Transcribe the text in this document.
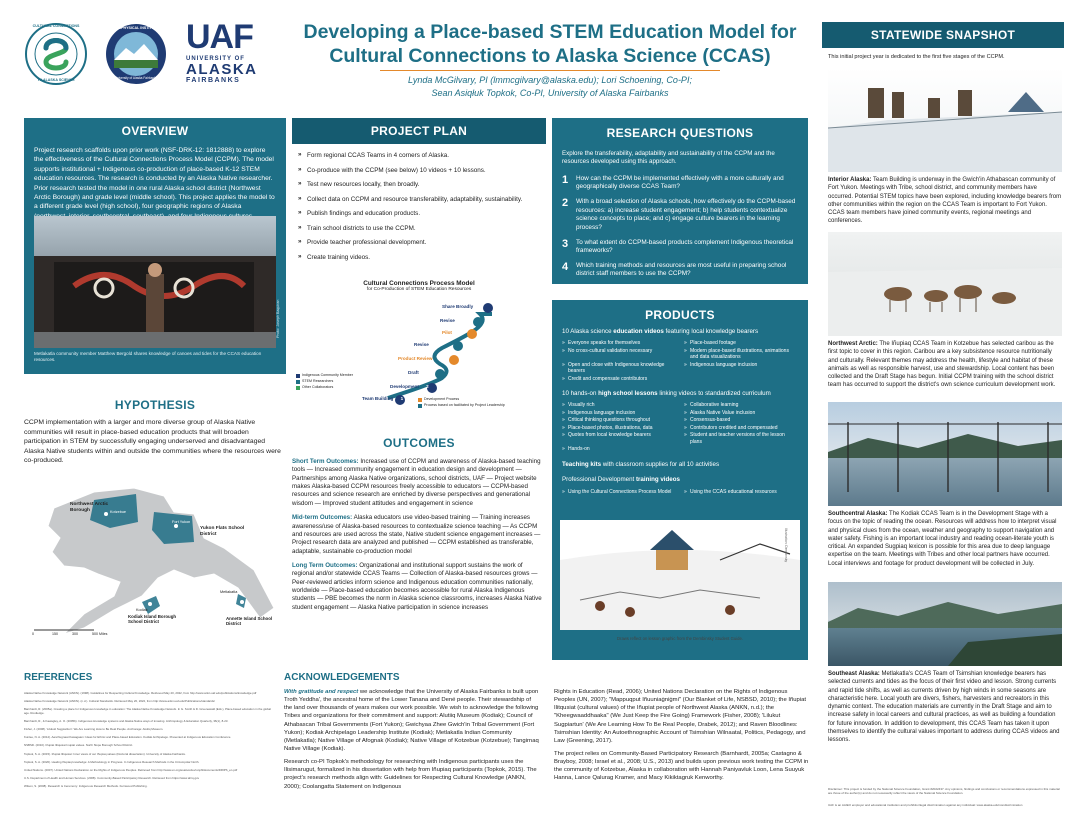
CULTURAL CONNECTIONS
TO ALASKA SCIENCE
GEOPHYSICAL INSTITUTE
University of Alaska Fairbanks
UAF
UNIVERSITY OF
ALASKA
FAIRBANKS
Developing a Place-based STEM Education Model for
Cultural Connections to Alaska Science (CCAS)
Lynda McGilvary, PI (lmmcgilvary@alaska.edu); Lori Schoening, Co-PI;
Sean Asiqłuk Topkok, Co-PI, University of Alaska Fairbanks
OVERVIEW
Project research scaffolds upon prior work (NSF-DRK-12: 1812888) to explore the effectiveness of the Cultural Connections Process Model (CCPM). The model supports institutional + Indigenous co-production of place-based K-12 STEM education resources. The research is conducted by an Alaska Native researcher. Prior research tested the model in one rural Alaska school district (Northwest Arctic Borough) and grade level (middle school). This project applies the model to a different grade level (high school), four geographic regions of Alaska
Photo: Joseph Baquiran
Metlakatla community member Matthew Bergold shares knowledge of canoes and tides for the CCAS education resources.
HYPOTHESIS
CCPM implementation with a larger and more diverse group of Alaska Native communities will result in place-based education products that will broaden participation in STEM by successfully engaging underserved and disadvantaged Alaska Native students within and outside the communities where the resources were co-produced.
Northwest Arctic Borough	Kotzebue
Fort Yukon
Yukon Flats School District
Kodiak
Kodiak Island Borough School District
Metlakatla
Annette Island School District
0	150	300	500 Miles
PROJECT PLAN
» Form regional CCAS Teams in 4 corners of Alaska.
» Co-produce with the CCPM (see below) 10 videos + 10 lessons.
» Test new resources locally, then broadly.
» Collect data on CCPM and resource transferability, adaptability, sustainability.
» Publish findings and education products.
» Train school districts to use the CCPM.
» Provide teacher professional development.
» Create training videos.
Cultural Connections Process Model
for Co-Production of STEM Education Resources
Team Building 1
Development 2
Draft 3
Product Review 4
Revise 5
Pilot 6
Revise 7
Share Broadly 8
Indigenous Community Member
STEM Researchers
Other Collaborators
Development Process
Process based on facilitated by Project Leadership
OUTCOMES
Short Term Outcomes: Increased use of CCPM and awareness of Alaska-based teaching tools — Increased community engagement in education design and development — Partnerships among Alaska Native organizations, school districts, UAF — Project website makes Alaska-based CCPM resources freely accessible to educators — CCPM-based resources and science research are enriched by diverse perspectives and generational wisdom — Improved student attitudes and engagement in science
Mid-term Outcomes: Alaska educators use video-based training — Training increases awareness/use of Alaska-based resources to contextualize science teaching — As CCPM and resources are used across the state, Native student science engagement increases — Project research data are analyzed and published — CCPM established as transferable, adaptable, sustainable co-production model
Long Term Outcomes: Organizational and institutional support sustains the work of regional and/or statewide CCAS Teams — Collection of Alaska-based resources grows — Peer-reviewed articles inform science and Indigenous education communities nationally, worldwide — Place-based education becomes accessible for rural Alaska Indigenous students — PBE becomes the norm in Alaska science classrooms, increases Alaska Native student engagement — Alaska Native participation in science increases
RESEARCH QUESTIONS
Explore the transferability, adaptability and sustainability of the CCPM and the resources developed using this approach.
1 How can the CCPM be implemented effectively with a more culturally and geographically diverse CCAS Team?
2 With a broad selection of Alaska schools, how effectively do the CCPM-based resources: a) increase student engagement; b) help students contextualize science concepts to place; and c) engage culture bearers in the learning process?
3 To what extent do CCPM-based products complement Indigenous theoretical frameworks?
4 Which training methods and resources are most useful in preparing school district staff members to use the CCPM?
PRODUCTS
10 Alaska science education videos featuring local knowledge bearers
» Everyone speaks for themselves	» Place-based footage
» No cross-cultural validation necessary	» Modern place-based illustrations, animations and data visualizations
» Open and close with Indigenous knowledge bearers
» Indigenous language inclusion
» Credit and compensate contributors
10 hands-on high school lessons linking videos to standardized curriculum
» Visually rich	» Collaborative learning
» Indigenous language inclusion	» Alaska Native Value inclusion
» Critical thinking questions throughout	» Consensus-based
» Place-based photos, illustrations, data	» Contributors credited and compensated
» Quotes from local knowledge bearers	» Student and teacher versions of the lesson plans
» Hands-on
Teaching kits with classroom supplies for all 10 activities
Professional Development training videos
» Using the Cultural Connections Process Model	» Using the CCAS educational resources
Illustration: Dembinsky
Draws reflect on lesson graphic from the Dembinsky Student Guide.
STATEWIDE SNAPSHOT
This initial project year is dedicated to the first five stages of the CCPM.
Interior Alaska: Team Building is underway in the Gwich'in Athabascan community of Fort Yukon. Meetings with Tribe, school district, and community members have occurred. Potential STEM topics have been explored, including knowledge bearers from other communities within the region on the CCAS Team is important to Fort Yukon. CCAS team members have joined community events, regional meetings and conferences.
Northwest Arctic: The Iñupiaq CCAS Team in Kotzebue has selected caribou as the first topic to cover in this region. Caribou are a key subsistence resource nutritionally and culturally. Relevant themes may address the health, lifestyle and habitat of these animals as well as responsible harvest, use and stewardship. Local content has been collected and the Draft Stage has begun. Initial CCPM training with the school district team has occurred to support the district's own science curriculum development work.
Southcentral Alaska: The Kodiak CCAS Team is in the Development Stage with a focus on the topic of reading the ocean. Resources will address how to interpret visual and physical clues from the ocean, weather and geography to support navigation and water safety. Fishing is an important local industry and reading ocean-literate youth is critical. An expanded Sugpiaq lexicon is possible for this area due to deep language expertise on the team. Meetings with Tribes and other local partners have occurred. Local interviews and footage for product development will be collected in July.
Southeast Alaska: Metlakatla's CCAS Team of Tsimshian knowledge bearers has selected currents and tides as the focus of their first video and lesson. Strong currents and rapid tide shifts, as well as currents driven by high winds in some seasons are characteristic here. Local youth are divers, fishers, harvesters and recreators in this dynamic context. The education materials are currently in the Draft Stage and aim to increase safety in local careers and cultural practices, as well as building a foundation for future innovation. In addition to development, this CCAS Team has taken it upon themselves to identify the cultural values important to address during CCAS videos and lessons.
Disclaimer: This project is funded by the National Science Foundation, Grant #2022437. Any opinions, findings and conclusions or recommendations expressed in this material are those of the author(s) and do not necessarily reflect the views of the National Science Foundation.
UAF is an AA/EO employer and educational institution and prohibits illegal discrimination against any individual: www.alaska.edu/nondiscrimination
REFERENCES
Alaska Native Knowledge Network (ANKN). (1998). Guidelines for Respecting Cultural Knowledge. Retrieved May 20, 2022, from http://www.ankn.uaf.edu/publications/knowledge.pdf
Alaska Native Knowledge Network (ANKN). (n.d.). Cultural Standards. Retrieved May 20, 2022, from http://www.ankn.uaf.edu/Publications/standards/
Barnhardt, R. (2005a). Creating a place for Indigenous knowledge in education: The Alaska Native Knowledge Network. In G. Smith & D. Gruenewald (Eds.), Place-based education in the global age. Routledge.
Barnhardt, R., & Kawagley, A. O. (2005b). Indigenous knowledge systems and Alaska Native ways of knowing. Anthropology & Education Quarterly, 36(1), 8-23.
Fisher, J. (2008). 'Lilukuit Sugpiaritun': We Are Learning How to Be Real People. Anchorage: Alutiiq Museum.
Kunlee, N. A. (2012). Aanchugnaat Kawagaam: Ideas for Ethnic and Place-based Education. Kodiak Archipelago. Presented at Indigenous Education Conference.
NSBSD. (2010). Iñupiat Ilitqusiat Inupiat values. North Slope Borough School District.
Topkok, S. A. (2015). Iñupiat Ilitqusiat: Inner views of our Iñupiaq values (Doctoral dissertation). University of Alaska Fairbanks.
Topkok, S. A. (2020). Healing Iñupiaq knowledge: A Methodology in Progress. In Indigenous Research Methods in the Circumpolar North.
United Nations. (2007). United Nations Declaration on the Rights of Indigenous Peoples. Retrieved from http://www.un.org/esa/socdev/unpfii/documents/DRIPS_en.pdf
U.S. Department of Health and Human Services. (2008). Community-Based Participatory Research. Retrieved from https://www.ahrq.gov
Wilson, S. (2008). Research is Ceremony: Indigenous Research Methods. Fernwood Publishing.
ACKNOWLEDGEMENTS

With gratitude and respect we acknowledge that the University of Alaska Fairbanks is built upon Troth Yeddha', the ancestral home of the Lower Tanana and Dené people. Their stewardship of the land over thousands of years makes our work possible. We wish to acknowledge the following Tribes and organizations for their commitment and support: Alutiiq Museum (Kodiak); Council of Athabascan Tribal Governments (Fort Yukon); Gwichyaa Zhee Gwich'in Tribal Government (Fort Yukon); Kodiak Archipelago Leadership Institute (Kodiak); Metlakatla Indian Community (Metlakatla); Native Village of Afognak (Kodiak); Native Village of Kotzebue (Kotzebue); Tangirnaq Native Village (Kodiak).

Research co-PI Topkok's methodology for researching with Indigenous participants uses the Ilisimarugut, formalized in his dissertation with help from Iñupiaq participants (Topkok, 2015). The project's research methods align with: Guidelines for Respecting Cultural Knowledge (ANKN, 2000); Coolangatta Statement on Indigenous

Rights in Education (Read, 2006); United Nations Declaration on the Rights of Indigenous Peoples (UN, 2007); "Mappuqput Iñuuniaġniġmi" (Our Blanket of Life, NSBSD, 2010); the Iñupiat Ilitqusiat (cultural values) of the Iñupiat people of Northwest Alaska (ANKN, n.d.); the "Kheegwaaddhaaka" (We Just Keep the Fire Going) Framework (Fisher, 2008); 'Lilukut Sugpiartun' (We Are Learning How To Be Real People, Drabek, 2012); and Raven Bloodlines: Tsimshian Identity: An Autoethnographic Account of Tsimshian Wilnaatal, Politics, Pedagogy, and Law (Greening, 2017).

The project relies on Community-Based Participatory Research (Barnhardt, 2005a; Castagno & Brayboy, 2008; Israel et al., 2008; U.S., 2013) and builds upon previous work testing the CCPM in the community of Kotzebue, Alaska in collaboration with Hannah Paniyavluk Loon, Lena Suuyuk Hanna, Lance Qalurag Kramer, and Macy Kikiktagruk Kenworthy.
